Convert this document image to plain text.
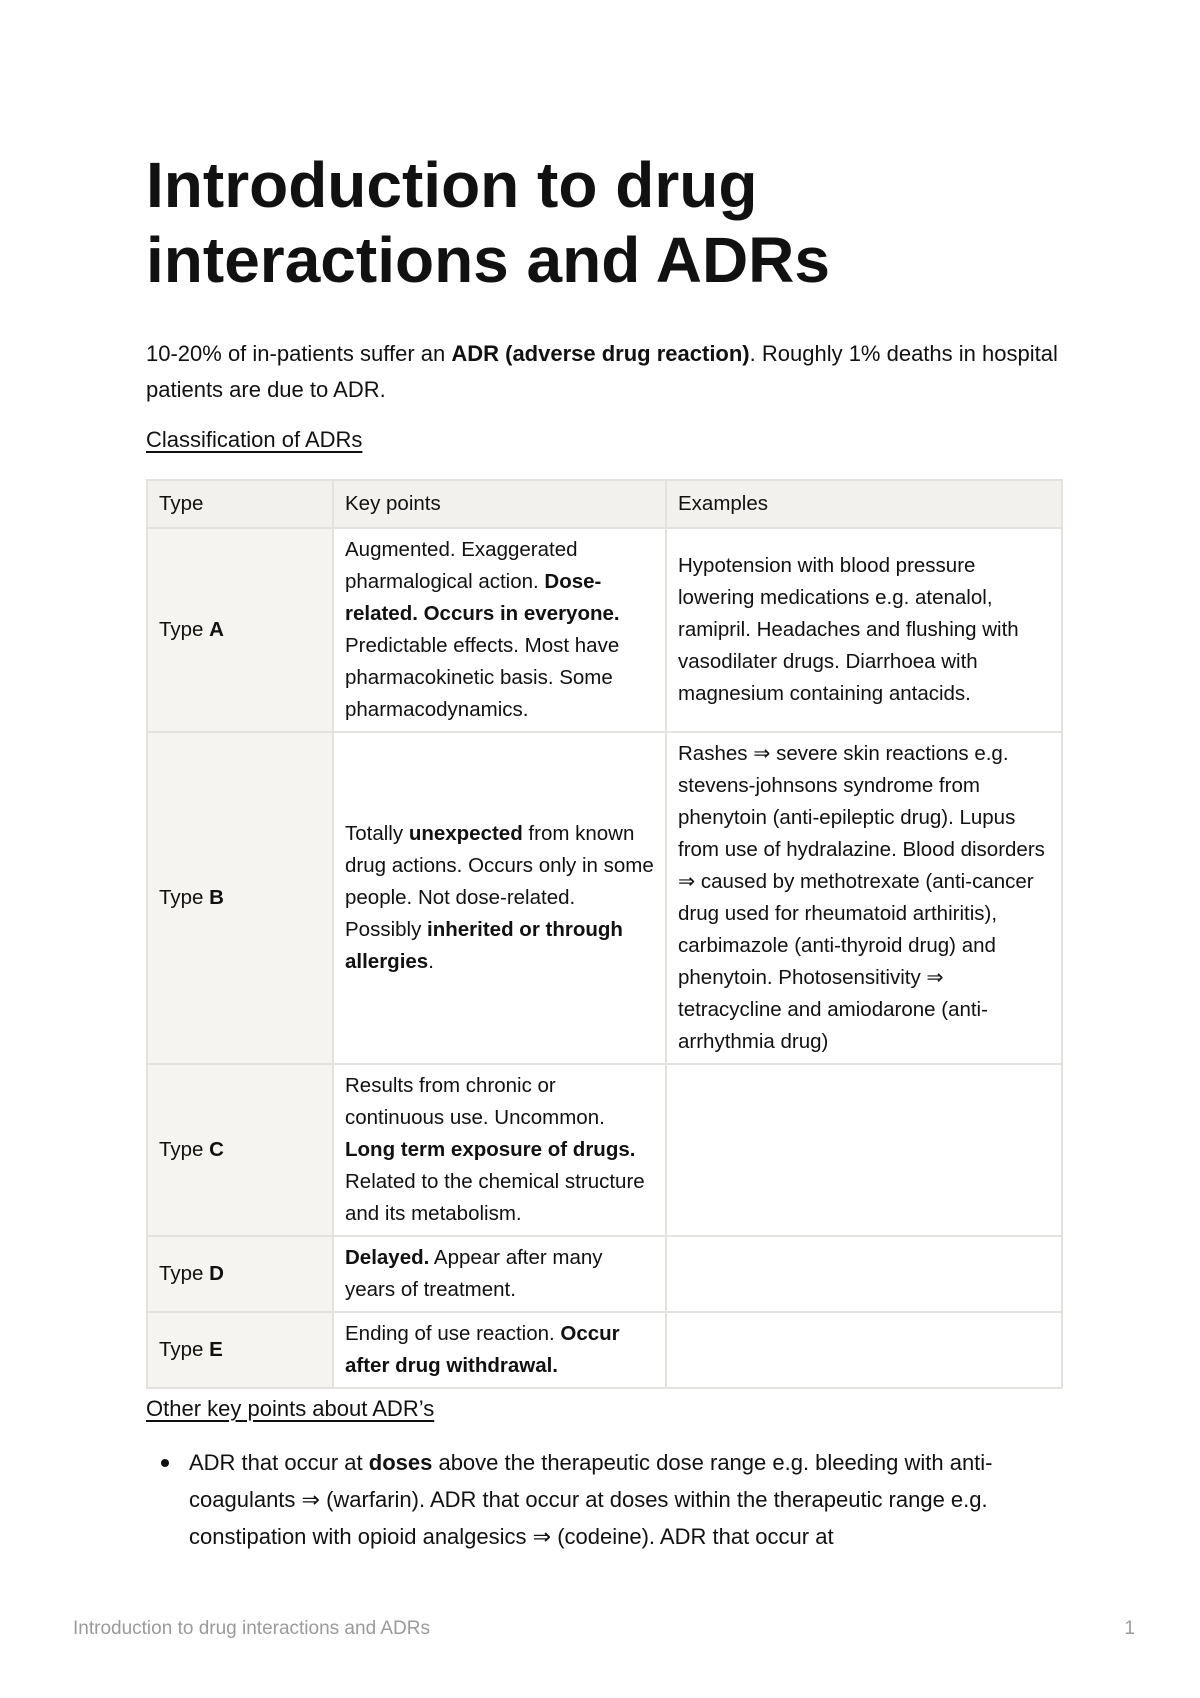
Introduction to drug interactions and ADRs

10-20% of in-patients suffer an ADR (adverse drug reaction). Roughly 1% deaths in hospital patients are due to ADR.

Classification of ADRs

Type	Key points	Examples
Type A	Augmented. Exaggerated pharmalogical action. Dose-related. Occurs in everyone. Predictable effects. Most have pharmacokinetic basis. Some pharmacodynamics.	Hypotension with blood pressure lowering medications e.g. atenalol, ramipril. Headaches and flushing with vasodilater drugs. Diarrhoea with magnesium containing antacids.
Type B	Totally unexpected from known drug actions. Occurs only in some people. Not dose-related. Possibly inherited or through allergies.	Rashes ⇒ severe skin reactions e.g. stevens-johnsons syndrome from phenytoin (anti-epileptic drug). Lupus from use of hydralazine. Blood disorders ⇒ caused by methotrexate (anti-cancer drug used for rheumatoid arthiritis), carbimazole (anti-thyroid drug) and phenytoin. Photosensitivity ⇒ tetracycline and amiodarone (anti-arrhythmia drug)
Type C	Results from chronic or continuous use. Uncommon. Long term exposure of drugs. Related to the chemical structure and its metabolism.	
Type D	Delayed. Appear after many years of treatment.	
Type E	Ending of use reaction. Occur after drug withdrawal.	

Other key points about ADR’s

ADR that occur at doses above the therapeutic dose range e.g. bleeding with anti-coagulants ⇒ (warfarin). ADR that occur at doses within the therapeutic range e.g. constipation with opioid analgesics ⇒ (codeine). ADR that occur at
Introduction to drug interactions and ADRs	1
